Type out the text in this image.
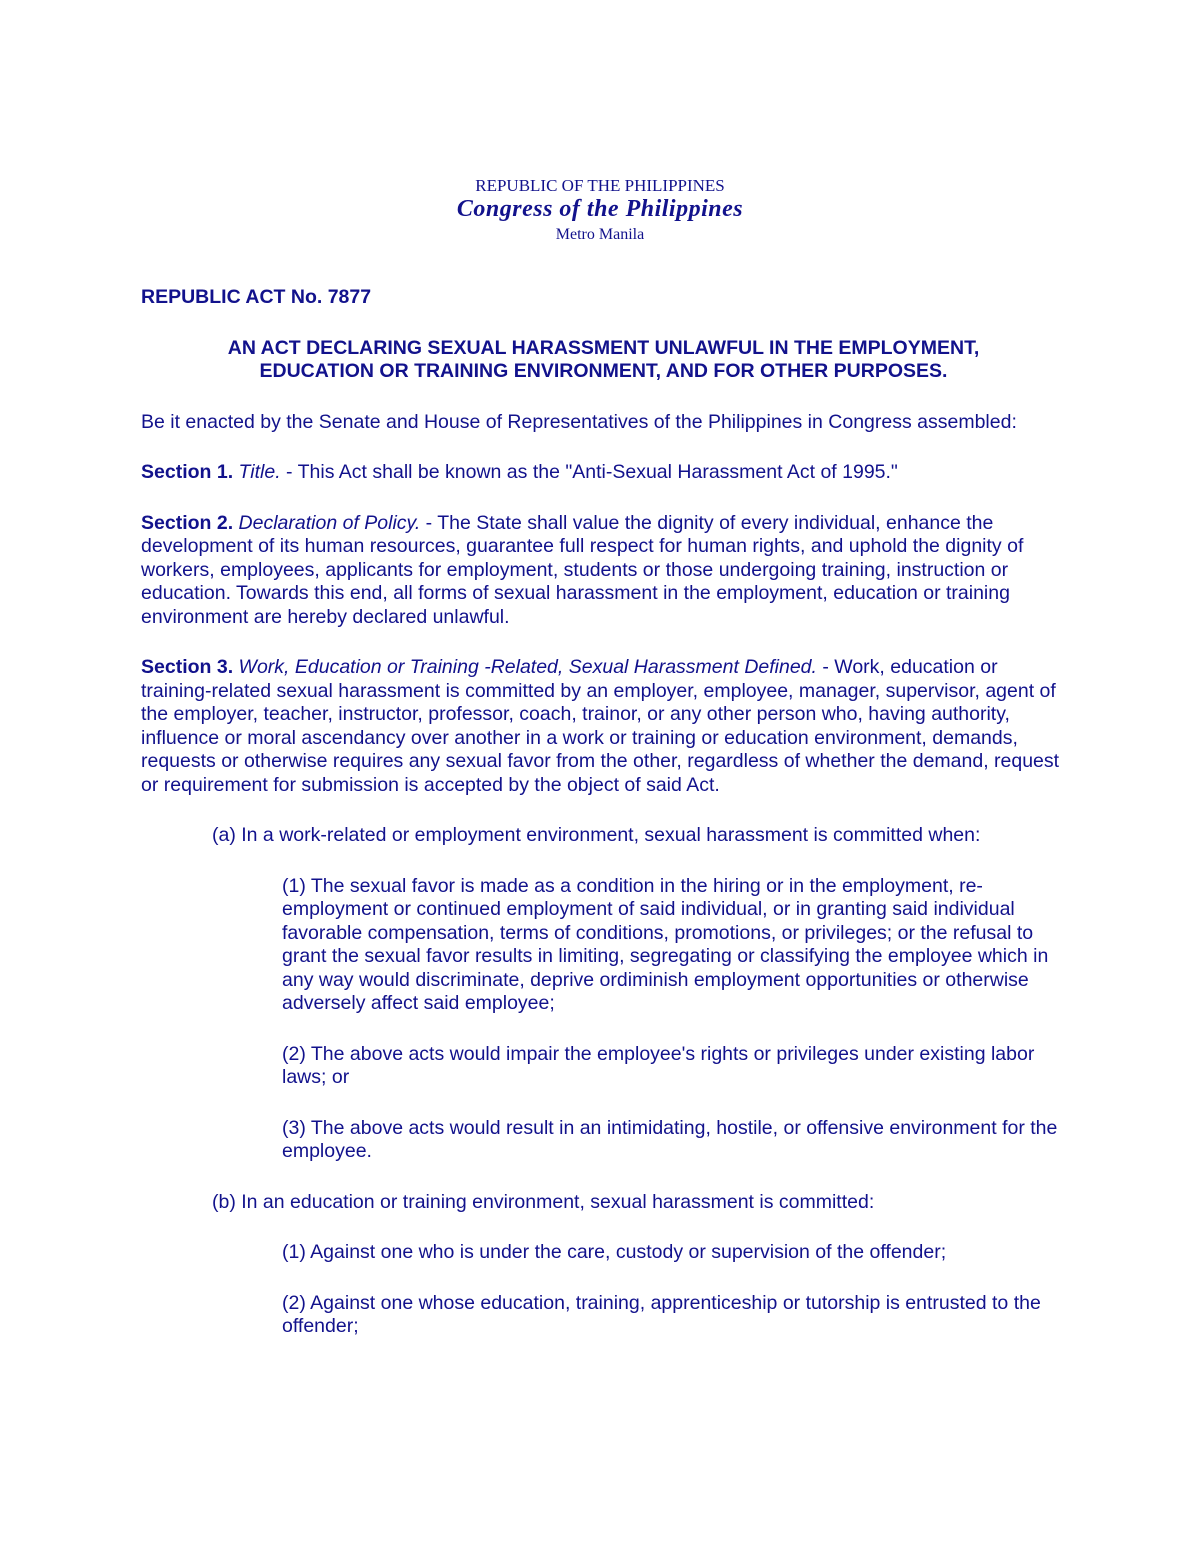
REPUBLIC OF THE PHILIPPINES
Congress of the Philippines
Metro Manila

REPUBLIC ACT No. 7877

AN ACT DECLARING SEXUAL HARASSMENT UNLAWFUL IN THE EMPLOYMENT,
EDUCATION OR TRAINING ENVIRONMENT, AND FOR OTHER PURPOSES.

Be it enacted by the Senate and House of Representatives of the Philippines in Congress assembled:

Section 1. Title. - This Act shall be known as the "Anti-Sexual Harassment Act of 1995."

Section 2. Declaration of Policy. - The State shall value the dignity of every individual, enhance the development of its human resources, guarantee full respect for human rights, and uphold the dignity of workers, employees, applicants for employment, students or those undergoing training, instruction or education. Towards this end, all forms of sexual harassment in the employment, education or training environment are hereby declared unlawful.

Section 3. Work, Education or Training -Related, Sexual Harassment Defined. - Work, education or training-related sexual harassment is committed by an employer, employee, manager, supervisor, agent of the employer, teacher, instructor, professor, coach, trainor, or any other person who, having authority, influence or moral ascendancy over another in a work or training or education environment, demands, requests or otherwise requires any sexual favor from the other, regardless of whether the demand, request or requirement for submission is accepted by the object of said Act.

(a) In a work-related or employment environment, sexual harassment is committed when:

(1) The sexual favor is made as a condition in the hiring or in the employment, re-employment or continued employment of said individual, or in granting said individual favorable compensation, terms of conditions, promotions, or privileges; or the refusal to grant the sexual favor results in limiting, segregating or classifying the employee which in any way would discriminate, deprive ordiminish employment opportunities or otherwise adversely affect said employee;

(2) The above acts would impair the employee's rights or privileges under existing labor laws; or

(3) The above acts would result in an intimidating, hostile, or offensive environment for the employee.

(b) In an education or training environment, sexual harassment is committed:

(1) Against one who is under the care, custody or supervision of the offender;

(2) Against one whose education, training, apprenticeship or tutorship is entrusted to the offender;
